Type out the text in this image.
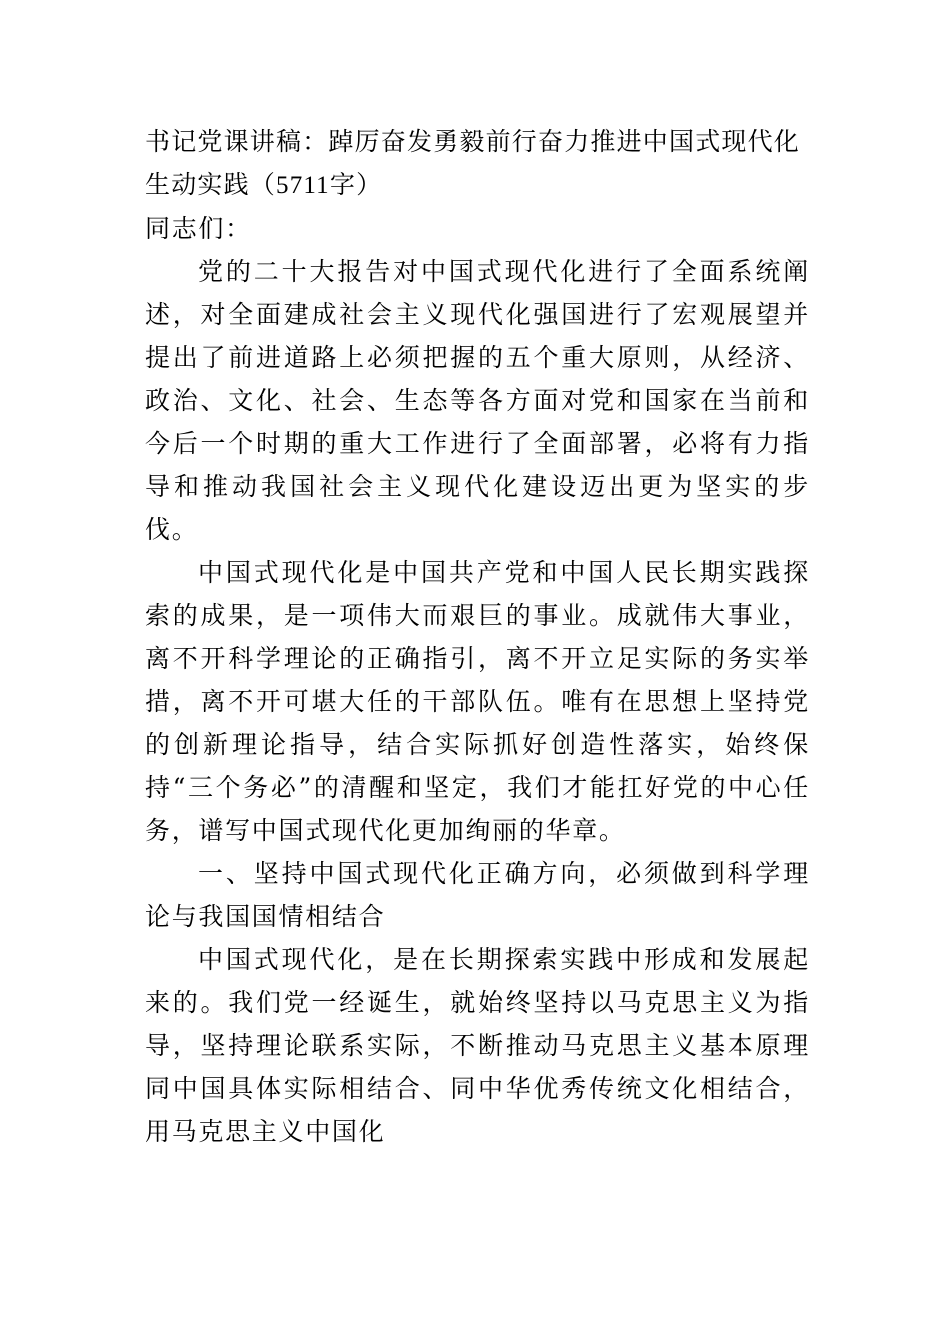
书记党课讲稿：踔厉奋发勇毅前行奋力推进中国式现代化生动实践（5711字）

同志们：

党的二十大报告对中国式现代化进行了全面系统阐述，对全面建成社会主义现代化强国进行了宏观展望并提出了前进道路上必须把握的五个重大原则，从经济、政治、文化、社会、生态等各方面对党和国家在当前和今后一个时期的重大工作进行了全面部署，必将有力指导和推动我国社会主义现代化建设迈出更为坚实的步伐。

中国式现代化是中国共产党和中国人民长期实践探索的成果，是一项伟大而艰巨的事业。成就伟大事业，离不开科学理论的正确指引，离不开立足实际的务实举措，离不开可堪大任的干部队伍。唯有在思想上坚持党的创新理论指导，结合实际抓好创造性落实，始终保持“三个务必”的清醒和坚定，我们才能扛好党的中心任务，谱写中国式现代化更加绚丽的华章。

一、坚持中国式现代化正确方向，必须做到科学理论与我国国情相结合

中国式现代化，是在长期探索实践中形成和发展起来的。我们党一经诞生，就始终坚持以马克思主义为指导，坚持理论联系实际，不断推动马克思主义基本原理同中国具体实际相结合、同中华优秀传统文化相结合，用马克思主义中国化
